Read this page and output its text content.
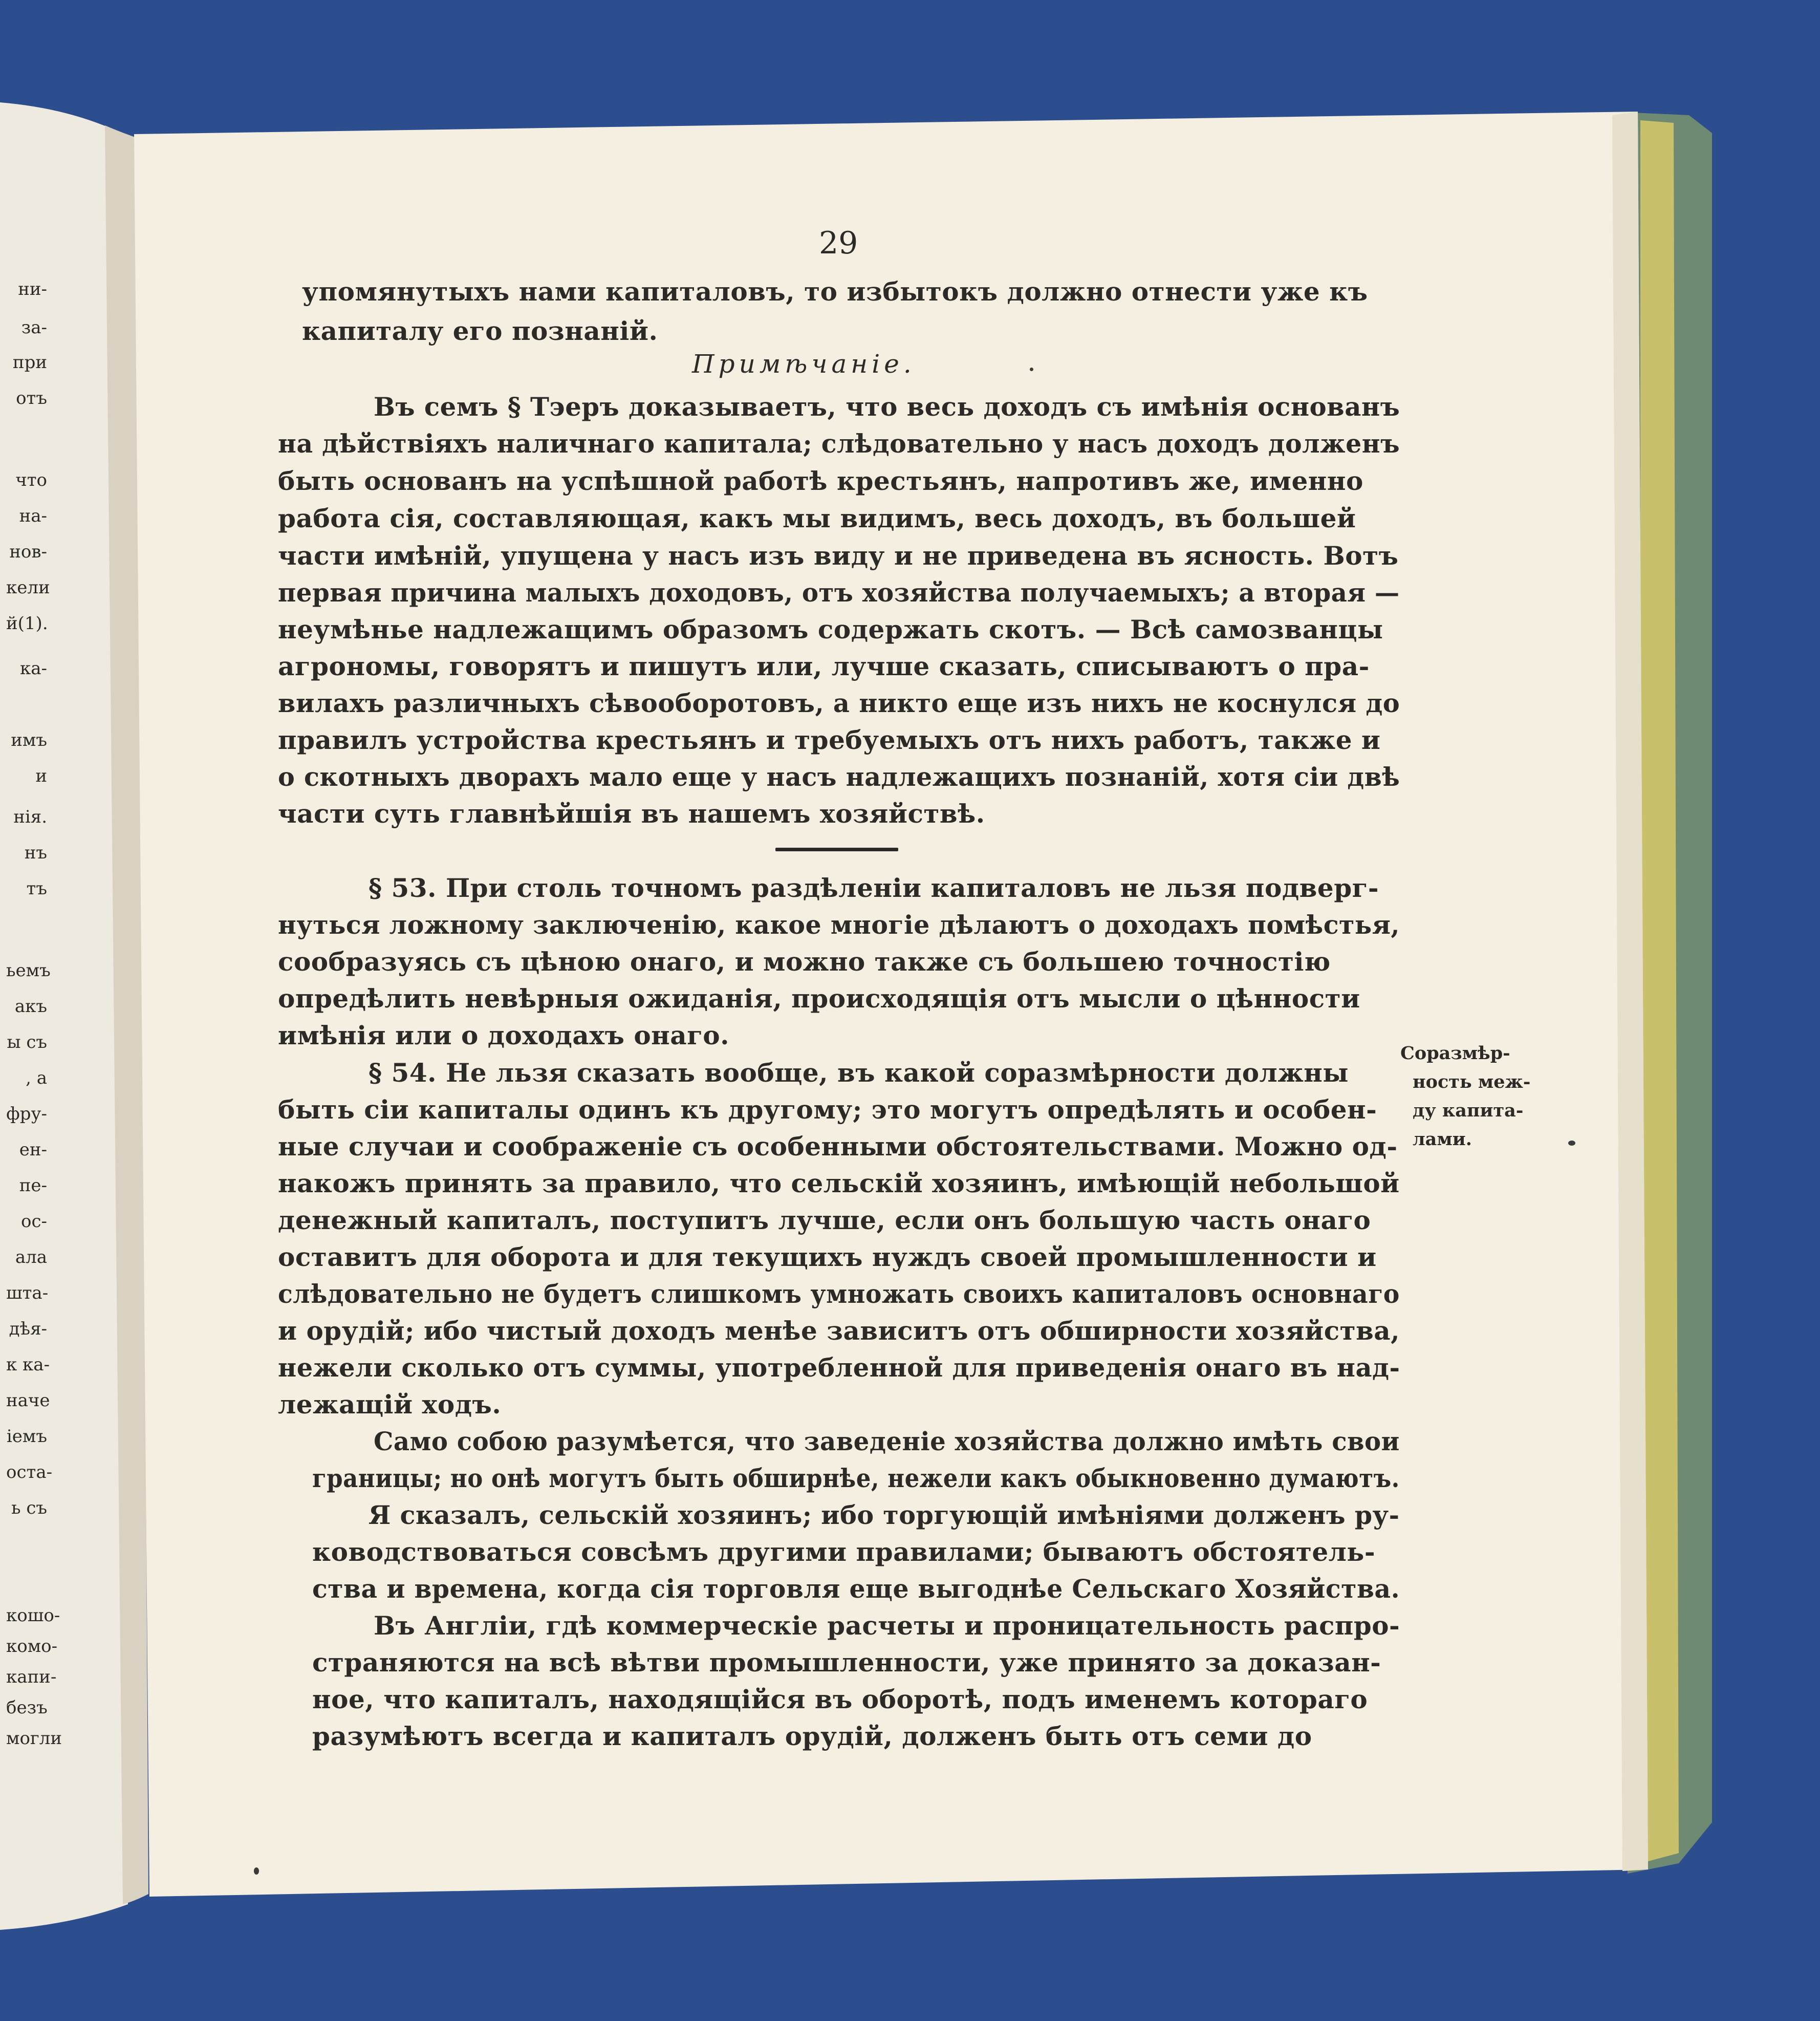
29
упомянутыхъ нами капиталовъ, то избытокъ должно отнести уже къ
капиталу его познаній.
Примѣчаніе.
Въ семъ § Тэеръ доказываетъ, что весь доходъ съ имѣнія основанъ
на дѣйствіяхъ наличнаго капитала; слѣдовательно у насъ доходъ долженъ
быть основанъ на успѣшной работѣ крестьянъ, напротивъ же, именно
работа сія, составляющая, какъ мы видимъ, весь доходъ, въ большей
части имѣній, упущена у насъ изъ виду и не приведена въ ясность. Вотъ
первая причина малыхъ доходовъ, отъ хозяйства получаемыхъ; а вторая —
неумѣнье надлежащимъ образомъ содержать скотъ. — Всѣ самозванцы
агрономы, говорятъ и пишутъ или, лучше сказать, списываютъ о пра-
вилахъ различныхъ сѣвооборотовъ, а никто еще изъ нихъ не коснулся до
правилъ устройства крестьянъ и требуемыхъ отъ нихъ работъ, также и
о скотныхъ дворахъ мало еще у насъ надлежащихъ познаній, хотя сіи двѣ
части суть главнѣйшія въ нашемъ хозяйствѣ.
§ 53. При столь точномъ раздѣленіи капиталовъ не льзя подверг-
нуться ложному заключенію, какое многіе дѣлаютъ о доходахъ помѣстья,
сообразуясь съ цѣною онаго, и можно также съ большею точностію
опредѣлить невѣрныя ожиданія, происходящія отъ мысли о цѣнности
имѣнія или о доходахъ онаго.
§ 54. Не льзя сказать вообще, въ какой соразмѣрности должны
быть сіи капиталы одинъ къ другому; это могутъ опредѣлять и особен-
ные случаи и соображеніе съ особенными обстоятельствами. Можно од-
накожъ принять за правило, что сельскій хозяинъ, имѣющій небольшой
денежный капиталъ, поступитъ лучше, если онъ большую часть онаго
оставитъ для оборота и для текущихъ нуждъ своей промышленности и
слѣдовательно не будетъ слишкомъ умножать своихъ капиталовъ основнаго
и орудій; ибо чистый доходъ менѣе зависитъ отъ обширности хозяйства,
нежели сколько отъ суммы, употребленной для приведенія онаго въ над-
лежащій ходъ.
Само собою разумѣется, что заведеніе хозяйства должно имѣть свои
границы; но онѣ могутъ быть обширнѣе, нежели какъ обыкновенно думаютъ.
Я сказалъ, сельскій хозяинъ; ибо торгующій имѣніями долженъ ру-
ководствоваться совсѣмъ другими правилами; бываютъ обстоятель-
ства и времена, когда сія торговля еще выгоднѣе Сельскаго Хозяйства.
Въ Англіи, гдѣ коммерческіе расчеты и проницательность распро-
страняются на всѣ вѣтви промышленности, уже принято за доказан-
ное, что капиталъ, находящійся въ оборотѣ, подъ именемъ котораго
разумѣютъ всегда и капиталъ орудій, долженъ быть отъ семи до
Соразмѣр-
ность меж-
ду капита-
лами.
ни-
за-
при
отъ
что
на-
нов-
кели
й(1).
ка-
имъ
и
нія.
нъ
тъ
ьемъ
акъ
ы съ
, а
фру-
ен-
пе-
ос-
ала
шта-
дѣя-
к ка-
наче
іемъ
оста-
ь съ
кошо-
комо-
капи-
безъ
могли
